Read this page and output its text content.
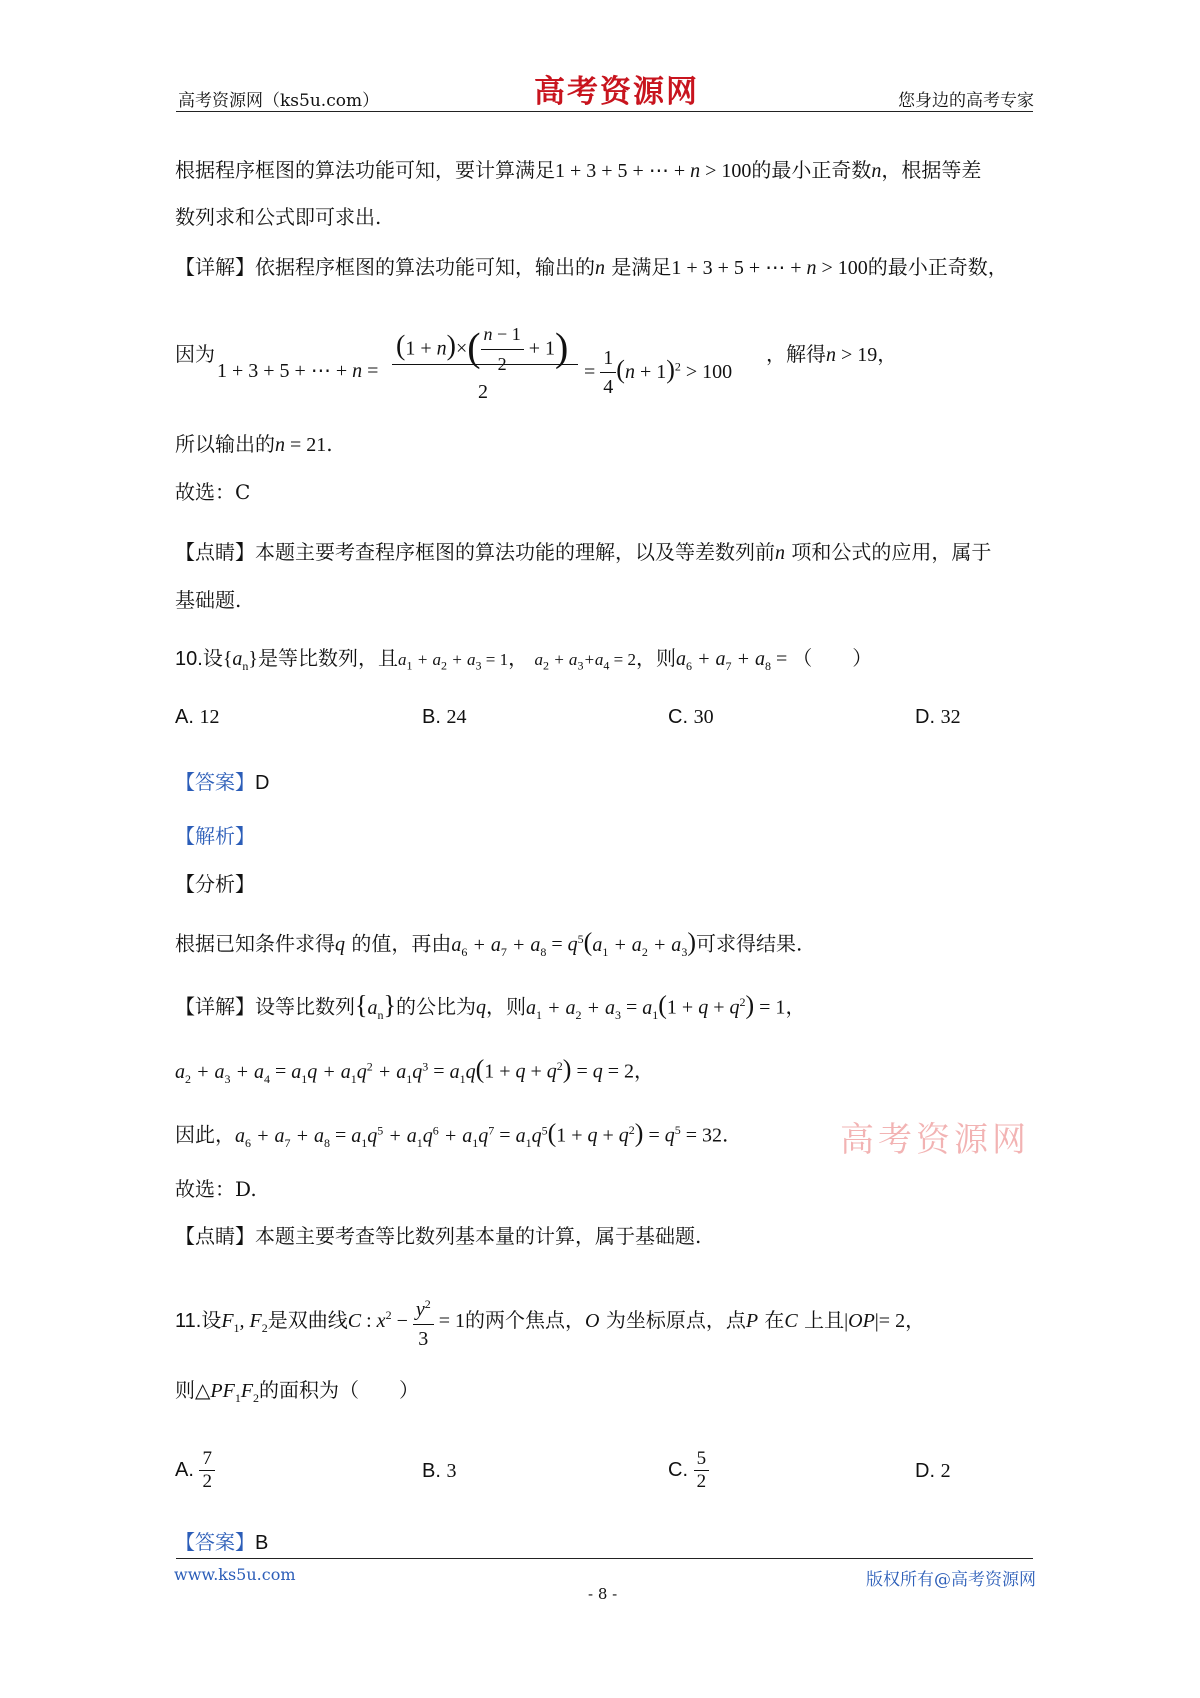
高考资源网（ks5u.com）	高考资源网	您身边的高考专家
根据程序框图的算法功能可知，要计算满足1 + 3 + 5 + ⋯ + n > 100的最小正奇数n，根据等差
数列求和公式即可求出.
【详解】依据程序框图的算法功能可知，输出的n 是满足1 + 3 + 5 + ⋯ + n > 100的最小正奇数，
因为
1 + 3 + 5 + ⋯ + n =
$(1 + n)\times( \frac{n - 1}{2} + 1)$
2
= $\frac{1}{4} (n + 1)^2 > 100$
，解得n > 19，
所以输出的n = 21.
故选：C
【点睛】本题主要考查程序框图的算法功能的理解，以及等差数列前n 项和公式的应用，属于
基础题.
10.设$\{a_n\}$是等比数列，且$a_1 + a_2 + a_3 = 1$， $a_2 + a_3+a_4 = 2$，则$a_6 + a_7 + a_8$ = （　　）
A. 12	B. 24	C. 30	D. 32
【答案】D
【解析】
【分析】
根据已知条件求得q 的值，再由$a_6 + a_7 + a_8 = q^5(a_1 + a_2 + a_3)$可求得结果.
【详解】设等比数列$\{a_n\}$的公比为q，则$a_1 + a_2 + a_3 = a_1(1 + q + q^2) = 1$，
$a_2 + a_3 + a_4 = a_1q + a_1q^2 + a_1q^3 = a_1q(1 + q + q^2) = q = 2$，
因此，$a_6 + a_7 + a_8 = a_1q^5 + a_1q^6 + a_1q^7 = a_1q^5(1 + q + q^2) = q^5 = 32$.	高考资源网
故选：D.
【点睛】本题主要考查等比数列基本量的计算，属于基础题.
11.设$F_1$, $F_2$是双曲线C : $x^2 - \frac{y^2}{3} = 1$的两个焦点，O 为坐标原点，点P 在C 上且|OP|= 2，
则$\triangle PF_1F_2$的面积为（　　）
A. $\frac{7}{2}$	B. 3	C. $\frac{5}{2}$	D. 2
【答案】B
www.ks5u.com
- 8 -
版权所有@高考资源网
